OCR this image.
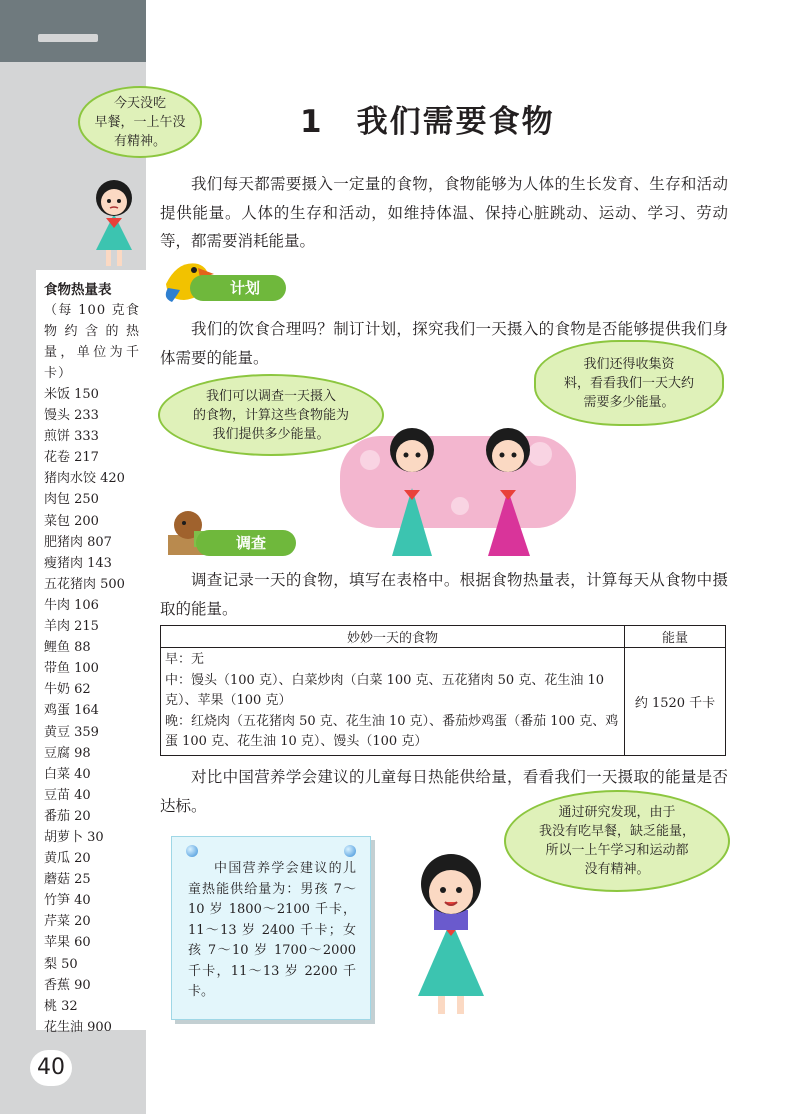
今天没吃
早餐，一上午没
有精神。
食物热量表
（每 100 克食物约含的热量，单位为千卡）
米饭 150
馒头 233
煎饼 333
花卷 217
猪肉水饺 420
肉包 250
菜包 200
肥猪肉 807
瘦猪肉 143
五花猪肉 500
牛肉 106
羊肉 215
鲤鱼 88
带鱼 100
牛奶 62
鸡蛋 164
黄豆 359
豆腐 98
白菜 40
豆苗 40
番茄 20
胡萝卜 30
黄瓜 20
蘑菇 25
竹笋 40
芹菜 20
苹果 60
梨 50
香蕉 90
桃 32
花生油 900
40
1　我们需要食物

我们每天都需要摄入一定量的食物，食物能够为人体的生长发育、生存和活动提供能量。人体的生存和活动，如维持体温、保持心脏跳动、运动、学习、劳动等，都需要消耗能量。

计划组织

我们的饮食合理吗？制订计划，探究我们一天摄入的食物是否能够提供我们身体需要的能量。

我们可以调查一天摄入
的食物，计算这些食物能为
我们提供多少能量。
我们还得收集资
料，看看我们一天大约
需要多少能量。
调查

调查记录一天的食物，填写在表格中。根据食物热量表，计算每天从食物中摄取的能量。

妙妙一天的食物	能量

早：无
中：馒头（100 克）、白菜炒肉（白菜 100 克、五花猪肉 50 克、花生油 10 克）、苹果（100 克）
晚：红烧肉（五花猪肉 50 克、花生油 10 克）、番茄炒鸡蛋（番茄 100 克、鸡蛋 100 克、花生油 10 克）、馒头（100 克）	约 1520 千卡

对比中国营养学会建议的儿童每日热能供给量，看看我们一天摄取的能量是否达标。

中国营养学会建议的儿童热能供给量为：男孩 7～10 岁 1800～2100 千卡，11～13 岁 2400 千卡；女孩 7～10 岁 1700～2000 千卡，11～13 岁 2200 千卡。
通过研究发现，由于
我没有吃早餐，缺乏能量，
所以一上午学习和运动都
没有精神。
